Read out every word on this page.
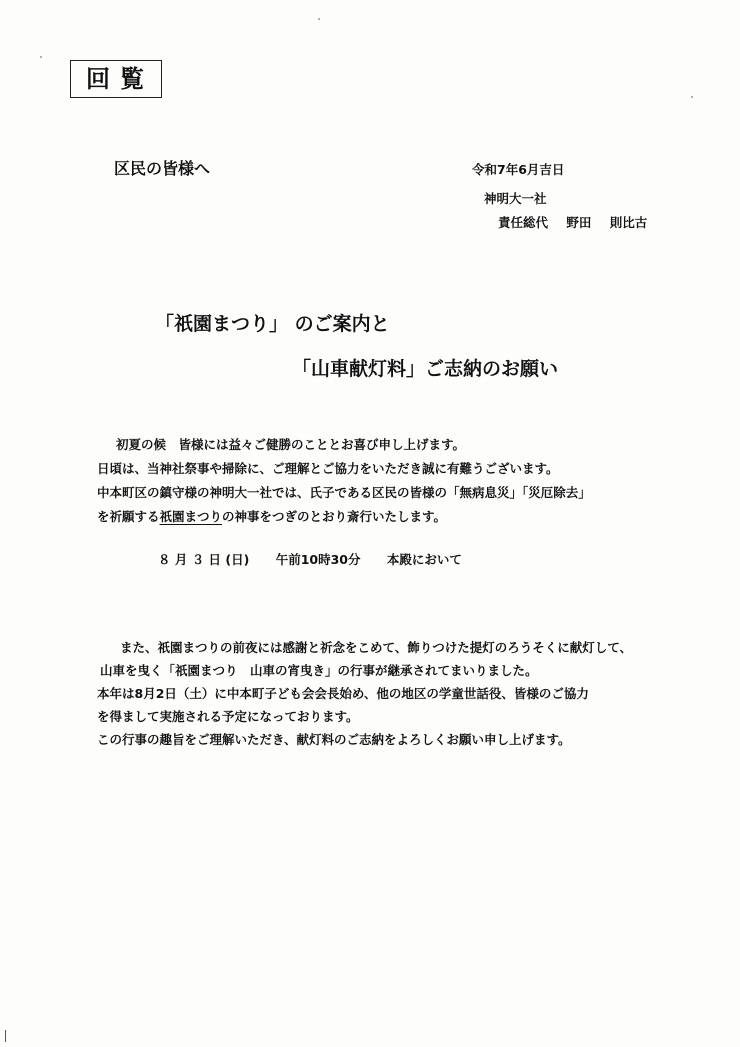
回覧
区民の皆様へ	令和7年6月吉日
神明大一社
責任総代 野田 則比古
「祇園まつり」 のご案内と
「山車献灯料」ご志納のお願い
初夏の候　皆様には益々ご健勝のこととお喜び申し上げます。
日頃は、当神社祭事や掃除に、ご理解とご協力をいただき誠に有難うございます。
中本町区の鎮守様の神明大一社では、氏子である区民の皆様の「無病息災」「災厄除去」
を祈願する祇園まつりの神事をつぎのとおり斎行いたします。
８ 月 ３ 日 (日) 午前10時30分 本殿において
また、祇園まつりの前夜には感謝と祈念をこめて、飾りつけた提灯のろうそくに献灯して、
山車を曳く「祇園まつり　山車の宵曳き」の行事が継承されてまいりました。
本年は8月2日（土）に中本町子ども会会長始め、他の地区の学童世話役、皆様のご協力
を得まして実施される予定になっております。
この行事の趣旨をご理解いただき、献灯料のご志納をよろしくお願い申し上げます。
